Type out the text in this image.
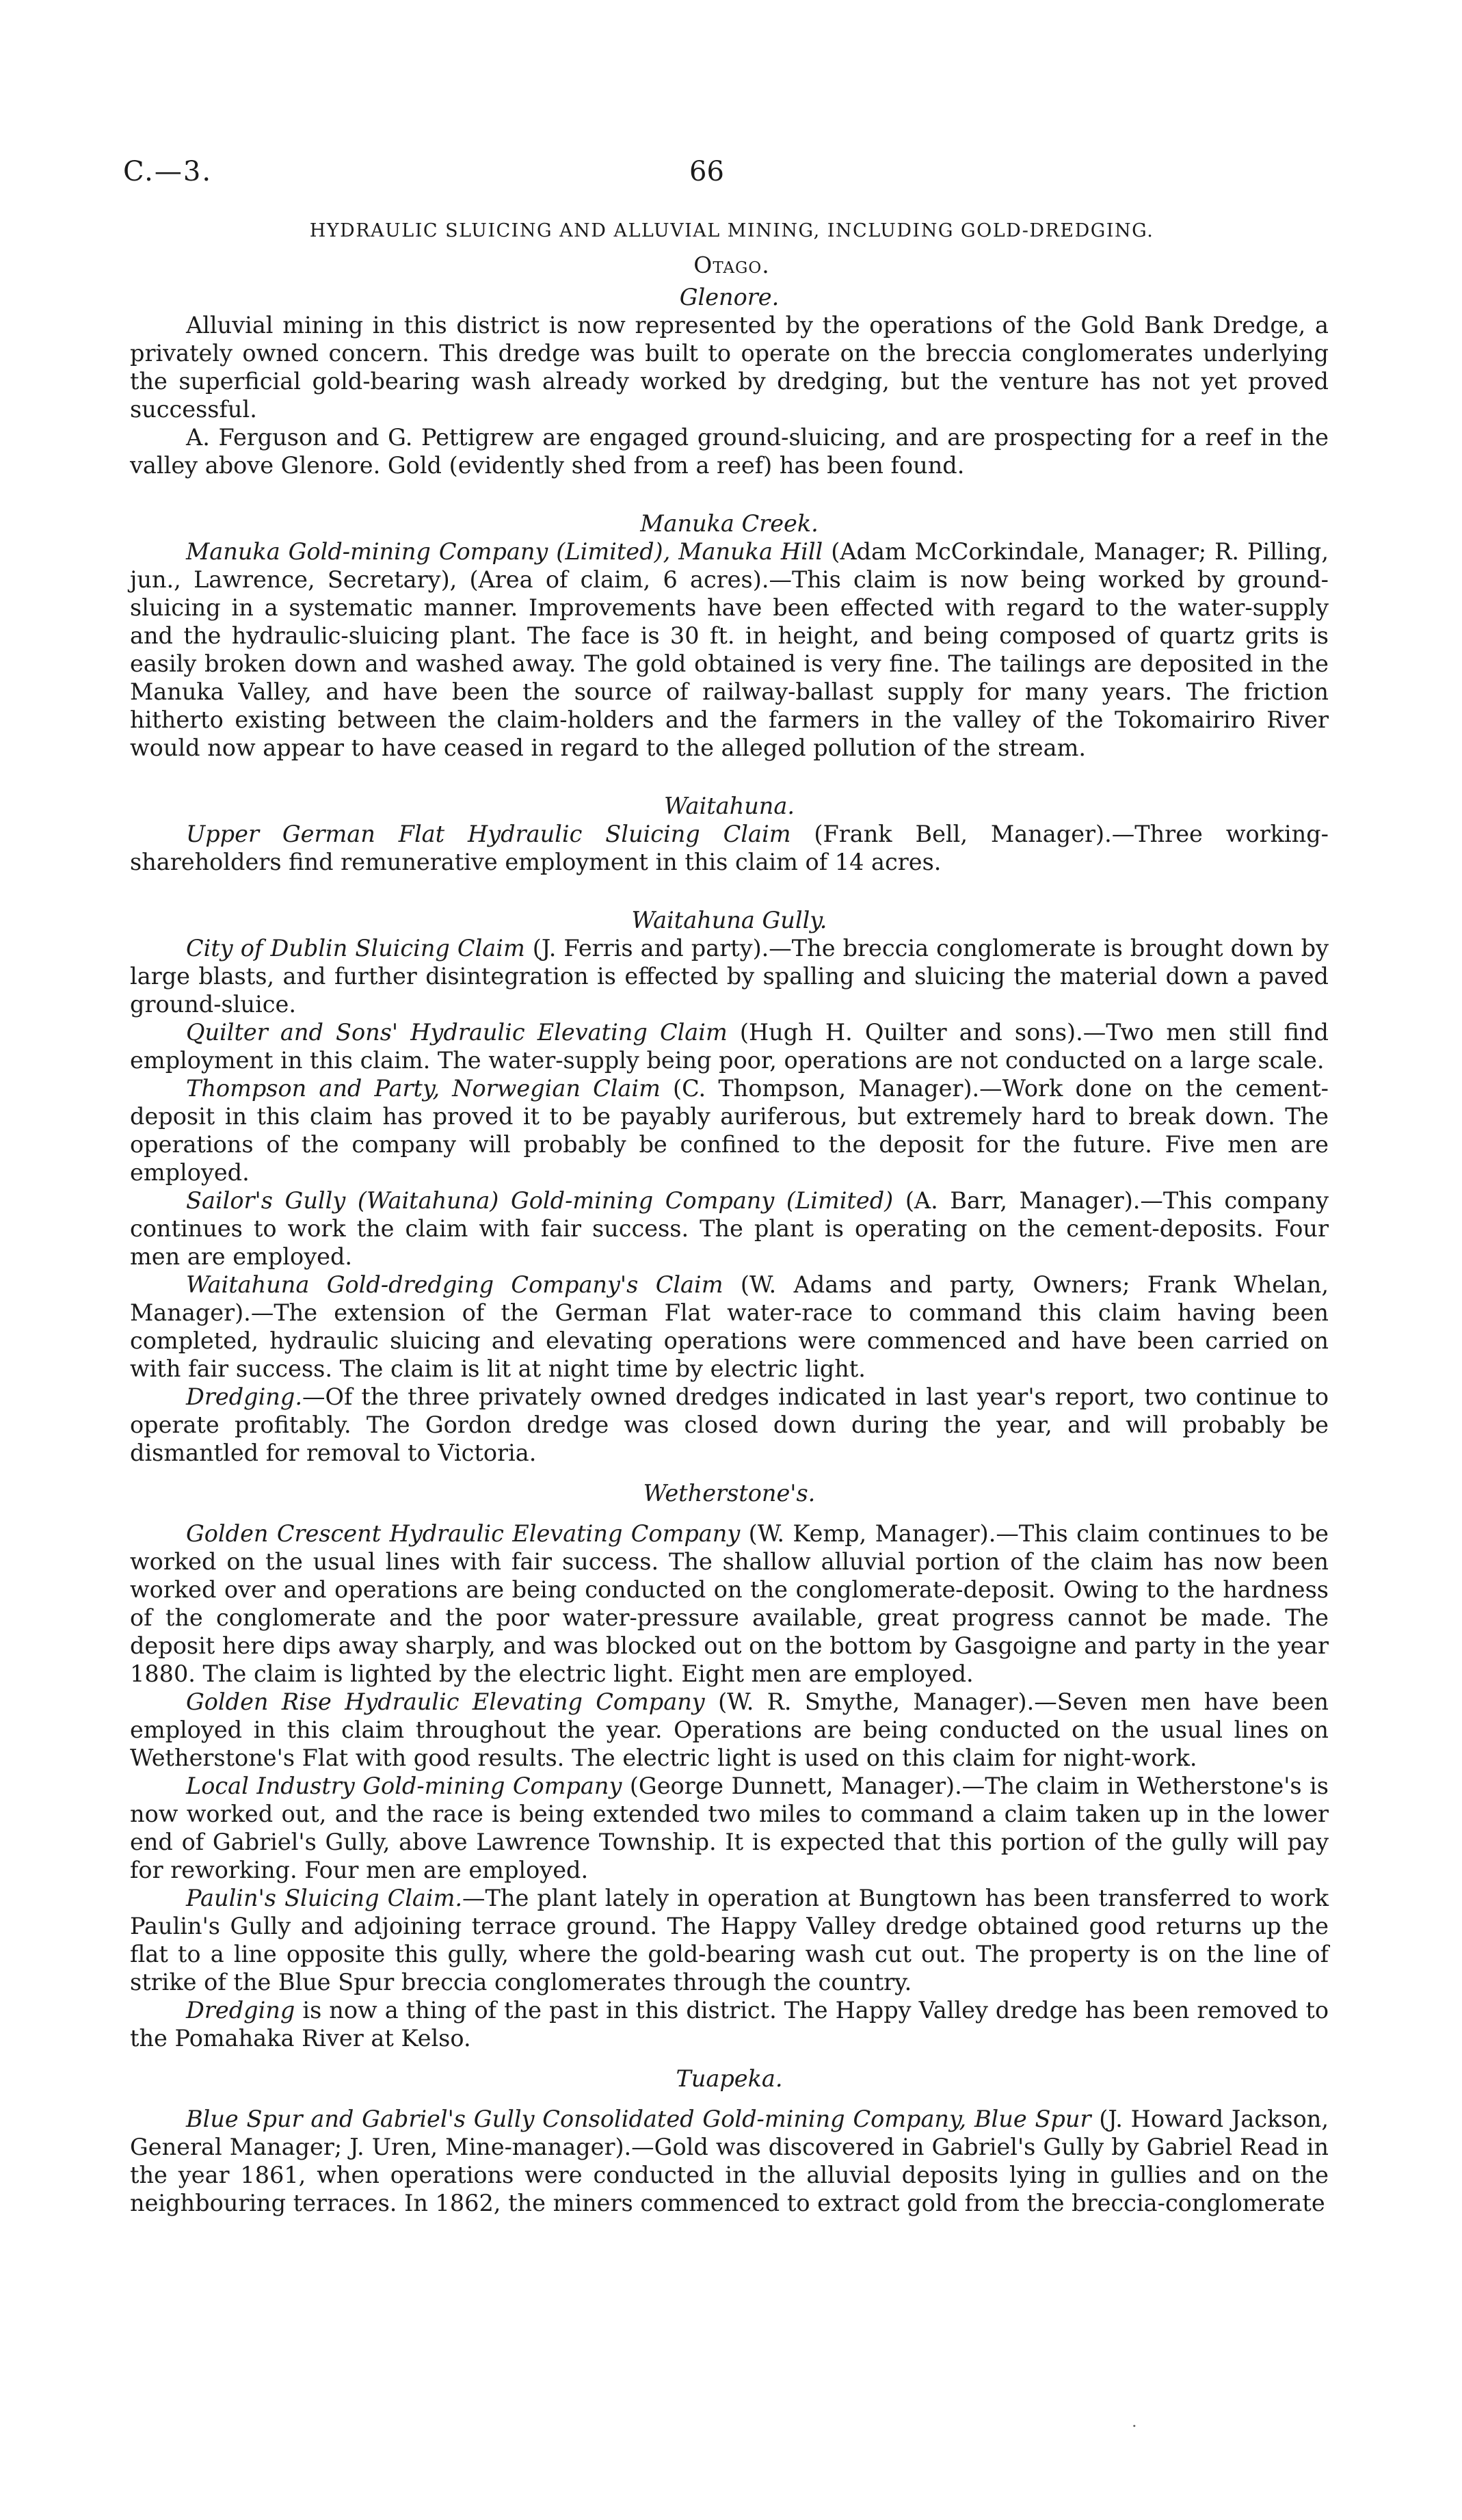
C.—3.	66
HYDRAULIC SLUICING AND ALLUVIAL MINING, INCLUDING GOLD-DREDGING.
Otago.
Glenore.

Alluvial mining in this district is now represented by the operations of the Gold Bank Dredge, a privately owned concern. This dredge was built to operate on the breccia conglomerates underlying the superficial gold-bearing wash already worked by dredging, but the venture has not yet proved successful.

A. Ferguson and G. Pettigrew are engaged ground-sluicing, and are prospecting for a reef in the valley above Glenore. Gold (evidently shed from a reef) has been found.

Manuka Creek.

Manuka Gold-mining Company (Limited), Manuka Hill (Adam McCorkindale, Manager; R. Pilling, jun., Lawrence, Secretary), (Area of claim, 6 acres).—This claim is now being worked by ground-sluicing in a systematic manner. Improvements have been effected with regard to the water-supply and the hydraulic-sluicing plant. The face is 30 ft. in height, and being composed of quartz grits is easily broken down and washed away. The gold obtained is very fine. The tailings are deposited in the Manuka Valley, and have been the source of railway-ballast supply for many years. The friction hitherto existing between the claim-holders and the farmers in the valley of the Tokomairiro River would now appear to have ceased in regard to the alleged pollution of the stream.

Waitahuna.

Upper German Flat Hydraulic Sluicing Claim (Frank Bell, Manager).—Three working-shareholders find remunerative employment in this claim of 14 acres.

Waitahuna Gully.

City of Dublin Sluicing Claim (J. Ferris and party).—The breccia conglomerate is brought down by large blasts, and further disintegration is effected by spalling and sluicing the material down a paved ground-sluice.

Quilter and Sons' Hydraulic Elevating Claim (Hugh H. Quilter and sons).—Two men still find employment in this claim. The water-supply being poor, operations are not conducted on a large scale.

Thompson and Party, Norwegian Claim (C. Thompson, Manager).—Work done on the cement-deposit in this claim has proved it to be payably auriferous, but extremely hard to break down. The operations of the company will probably be confined to the deposit for the future. Five men are employed.

Sailor's Gully (Waitahuna) Gold-mining Company (Limited) (A. Barr, Manager).—This company continues to work the claim with fair success. The plant is operating on the cement-deposits. Four men are employed.

Waitahuna Gold-dredging Company's Claim (W. Adams and party, Owners; Frank Whelan, Manager).—The extension of the German Flat water-race to command this claim having been completed, hydraulic sluicing and elevating operations were commenced and have been carried on with fair success. The claim is lit at night time by electric light.

Dredging.—Of the three privately owned dredges indicated in last year's report, two continue to operate profitably. The Gordon dredge was closed down during the year, and will probably be dismantled for removal to Victoria.

Wetherstone's.

Golden Crescent Hydraulic Elevating Company (W. Kemp, Manager).—This claim continues to be worked on the usual lines with fair success. The shallow alluvial portion of the claim has now been worked over and operations are being conducted on the conglomerate-deposit. Owing to the hardness of the conglomerate and the poor water-pressure available, great progress cannot be made. The deposit here dips away sharply, and was blocked out on the bottom by Gasgoigne and party in the year 1880. The claim is lighted by the electric light. Eight men are employed.

Golden Rise Hydraulic Elevating Company (W. R. Smythe, Manager).—Seven men have been employed in this claim throughout the year. Operations are being conducted on the usual lines on Wetherstone's Flat with good results. The electric light is used on this claim for night-work.

Local Industry Gold-mining Company (George Dunnett, Manager).—The claim in Wetherstone's is now worked out, and the race is being extended two miles to command a claim taken up in the lower end of Gabriel's Gully, above Lawrence Township. It is expected that this portion of the gully will pay for reworking. Four men are employed.

Paulin's Sluicing Claim.—The plant lately in operation at Bungtown has been transferred to work Paulin's Gully and adjoining terrace ground. The Happy Valley dredge obtained good returns up the flat to a line opposite this gully, where the gold-bearing wash cut out. The property is on the line of strike of the Blue Spur breccia conglomerates through the country.

Dredging is now a thing of the past in this district. The Happy Valley dredge has been removed to the Pomahaka River at Kelso.

Tuapeka.

Blue Spur and Gabriel's Gully Consolidated Gold-mining Company, Blue Spur (J. Howard Jackson, General Manager; J. Uren, Mine-manager).—Gold was discovered in Gabriel's Gully by Gabriel Read in the year 1861, when operations were conducted in the alluvial deposits lying in gullies and on the neighbouring terraces. In 1862, the miners commenced to extract gold from the breccia-conglomerate

·
